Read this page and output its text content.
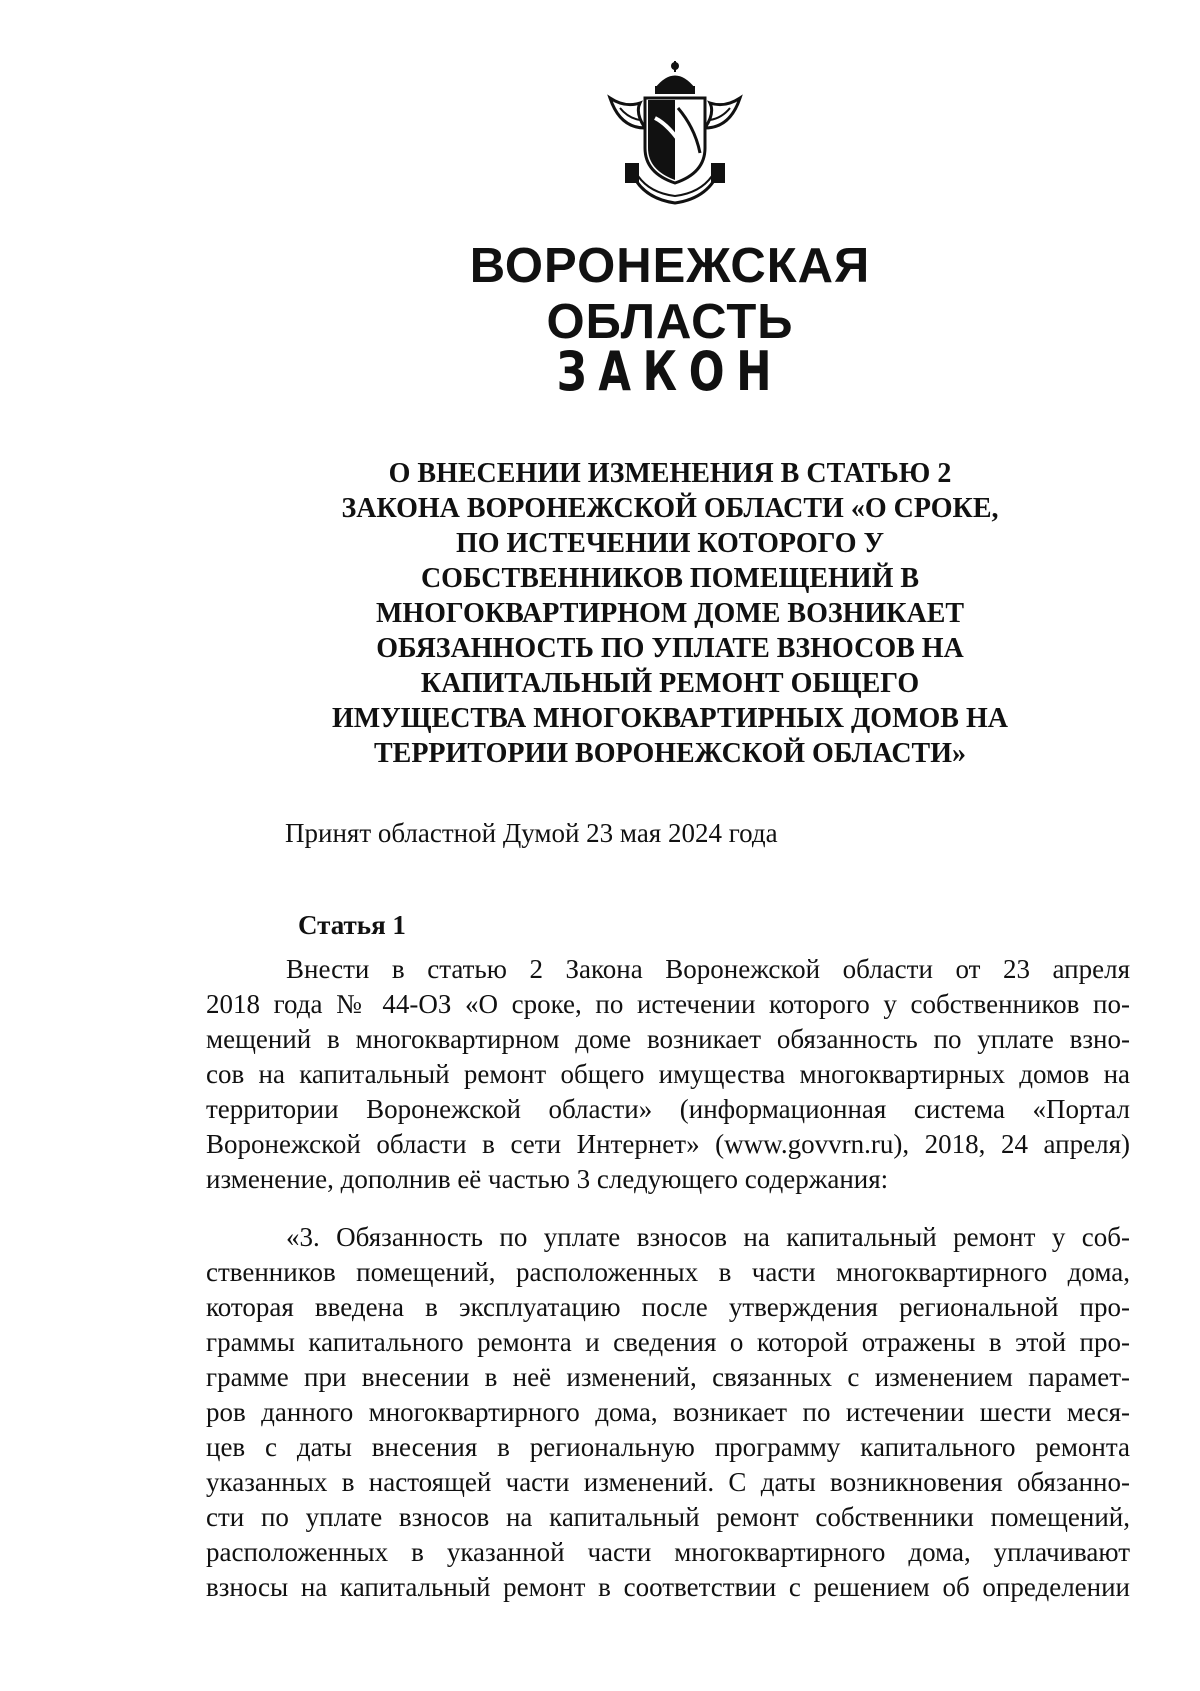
ВОРОНЕЖСКАЯ ОБЛАСТЬ
ЗАКОН
О ВНЕСЕНИИ ИЗМЕНЕНИЯ В СТАТЬЮ 2
ЗАКОНА ВОРОНЕЖСКОЙ ОБЛАСТИ «О СРОКЕ,
ПО ИСТЕЧЕНИИ КОТОРОГО У
СОБСТВЕННИКОВ ПОМЕЩЕНИЙ В
МНОГОКВАРТИРНОМ ДОМЕ ВОЗНИКАЕТ
ОБЯЗАННОСТЬ ПО УПЛАТЕ ВЗНОСОВ НА
КАПИТАЛЬНЫЙ РЕМОНТ ОБЩЕГО
ИМУЩЕСТВА МНОГОКВАРТИРНЫХ ДОМОВ НА
ТЕРРИТОРИИ ВОРОНЕЖСКОЙ ОБЛАСТИ»
Принят областной Думой 23 мая 2024 года
Статья 1
Внести в статью 2 Закона Воронежской области от 23 апреля
2018 года № 44-ОЗ «О сроке, по истечении которого у собственников по-
мещений в многоквартирном доме возникает обязанность по уплате взно-
сов на капитальный ремонт общего имущества многоквартирных домов на
территории Воронежской области» (информационная система «Портал
Воронежской области в сети Интернет» (www.govvrn.ru), 2018, 24 апреля)
изменение, дополнив её частью 3 следующего содержания:
«3. Обязанность по уплате взносов на капитальный ремонт у соб-
ственников помещений, расположенных в части многоквартирного дома,
которая введена в эксплуатацию после утверждения региональной про-
граммы капитального ремонта и сведения о которой отражены в этой про-
грамме при внесении в неё изменений, связанных с изменением парамет-
ров данного многоквартирного дома, возникает по истечении шести меся-
цев с даты внесения в региональную программу капитального ремонта
указанных в настоящей части изменений. С даты возникновения обязанно-
сти по уплате взносов на капитальный ремонт собственники помещений,
расположенных в указанной части многоквартирного дома, уплачивают
взносы на капитальный ремонт в соответствии с решением об определении
